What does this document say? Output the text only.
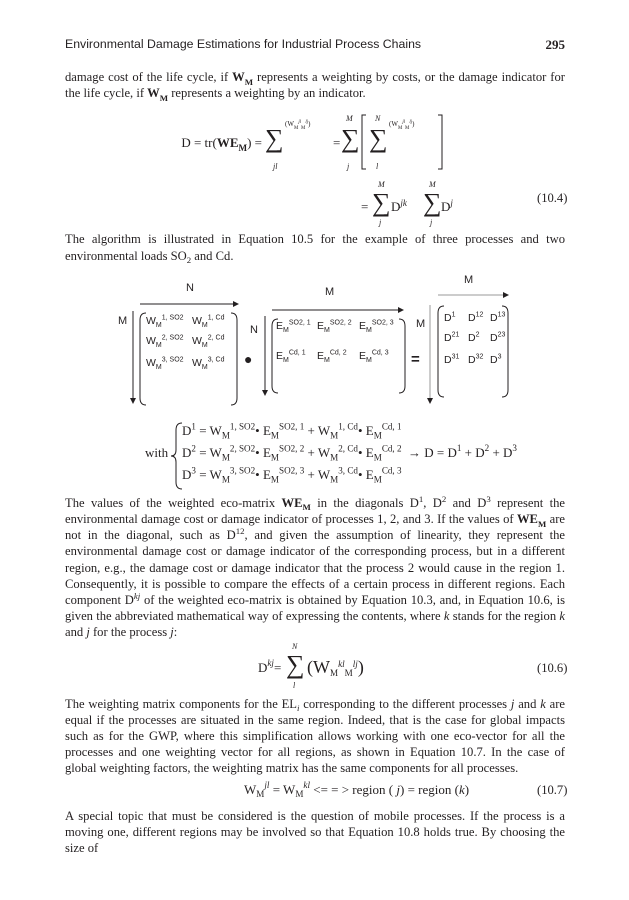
Environmental Damage Estimations for Industrial Process Chains	295
damage cost of the life cycle, if $W_M$ represents a weighting by costs, or the damage indicator for the life cycle, if $W_M$ represents a weighting by an indicator.
$D = tr(WE_M)$ = ∑ $(W_M^{jl}_M^{lj})$
jl
=
M
∑
j
N
∑
l
$(W_M^{jl}_M^{lj})$
=
M
∑
j
$D^{jk}$
M
∑
j
$D^j$	(10.4)
The algorithm is illustrated in Equation 10.5 for the example of three processes and two environmental loads $SO_2$ and Cd.
N
M
M
N
M
M
●	=
$W_M^{1, SO2}$ $W_M^{1, Cd}$
$W_M^{2, SO2}$ $W_M^{2, Cd}$
$W_M^{3, SO2}$ $W_M^{3, Cd}$
$E_M^{SO2, 1}$ $E_M^{SO2, 2}$ $E_M^{SO2, 3}$
$E_M^{Cd, 1}$ $E_M^{Cd, 2}$ $E_M^{Cd, 3}$
$D^1$ $D^{12}$ $D^{13}$
$D^{21}$ $D^2$ $D^{23}$
$D^{31}$ $D^{32}$ $D^3$
with
$D^1$ = $W_M^{1, SO2}•$ $E_M^{SO2, 1}$ + $W_M^{1, Cd}•$ $E_M^{Cd, 1}$
$D^2$ = $W_M^{2, SO2}•$ $E_M^{SO2, 2}$ + $W_M^{2, Cd}•$ $E_M^{Cd, 2}$
$D^3$ = $W_M^{3, SO2}•$ $E_M^{SO2, 3}$ + $W_M^{3, Cd}•$ $E_M^{Cd, 3}$
→ $D = D^1 + D^2 + D^3$
The values of the weighted eco-matrix $WE_M$ in the diagonals $D^1$, $D^2$ and $D^3$ represent the environmental damage cost or damage indicator of processes 1, 2, and 3. If the values of $WE_M$ are not in the diagonal, such as $D^{12}$, and given the assumption of linearity, they represent the environmental damage cost or damage indicator of the corresponding process, but in a different region, e.g., the damage cost or damage indicator that the process 2 would cause in the region 1. Consequently, it is possible to compare the effects of a certain process in different regions. Each component $D^{kj}$ of the weighted eco-matrix is obtained by Equation 10.3, and, in Equation 10.6, is given the abbreviated mathematical way of expressing the contents, where k stands for the region k and j for the process j:
$D^{kj}=$
N
∑
l
$(W_M^{kl}_M^{lj})$	(10.6)
The weighting matrix components for the $EL_i$ corresponding to the different processes j and k are equal if the processes are situated in the same region. Indeed, that is the case for global impacts such as for the GWP, where this simplification allows working with one eco-vector for all the processes and one weighting vector for all regions, as shown in Equation 10.7. In the case of global weighting factors, the weighting matrix has the same components for all processes.
$W_M^{jl} = W_M^{kl}$ <= = > region ( j) = region (k)	(10.7)
A special topic that must be considered is the question of mobile processes. If the process is a moving one, different regions may be involved so that Equation 10.8 holds true. By choosing the size of
